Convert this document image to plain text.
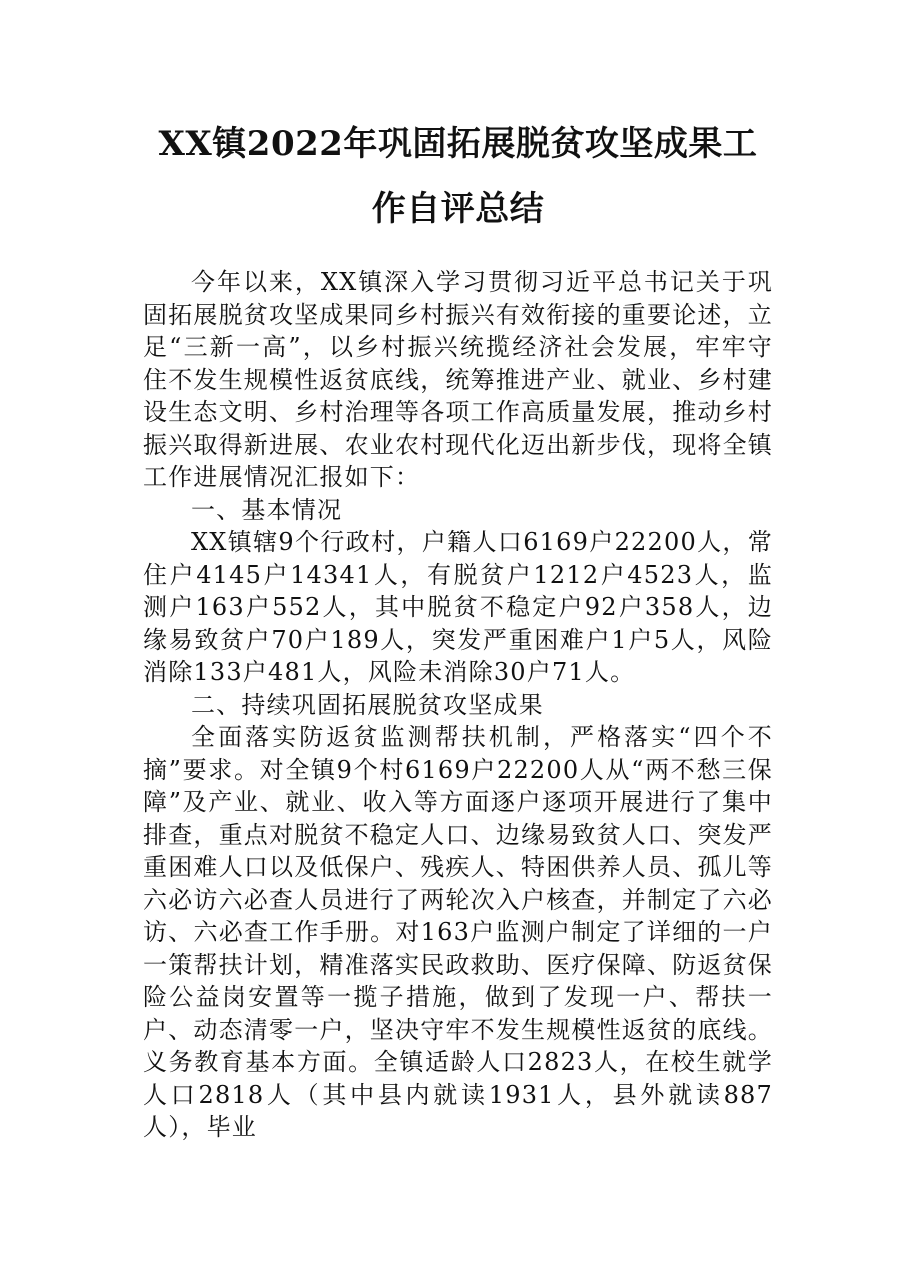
XX镇2022年巩固拓展脱贫攻坚成果工作自评总结

今年以来，XX镇深入学习贯彻习近平总书记关于巩固拓展脱贫攻坚成果同乡村振兴有效衔接的重要论述，立足“三新一高”，以乡村振兴统揽经济社会发展，牢牢守住不发生规模性返贫底线，统筹推进产业、就业、乡村建设生态文明、乡村治理等各项工作高质量发展，推动乡村振兴取得新进展、农业农村现代化迈出新步伐，现将全镇工作进展情况汇报如下：

一、基本情况

XX镇辖9个行政村，户籍人口6169户22200人，常住户4145户14341人，有脱贫户1212户4523人，监测户163户552人，其中脱贫不稳定户92户358人，边缘易致贫户70户189人，突发严重困难户1户5人，风险消除133户481人，风险未消除30户71人。

二、持续巩固拓展脱贫攻坚成果

全面落实防返贫监测帮扶机制，严格落实“四个不摘”要求。对全镇9个村6169户22200人从“两不愁三保障”及产业、就业、收入等方面逐户逐项开展进行了集中排查，重点对脱贫不稳定人口、边缘易致贫人口、突发严重困难人口以及低保户、残疾人、特困供养人员、孤儿等六必访六必查人员进行了两轮次入户核查，并制定了六必访、六必查工作手册。对163户监测户制定了详细的一户一策帮扶计划，精准落实民政救助、医疗保障、防返贫保险公益岗安置等一揽子措施，做到了发现一户、帮扶一户、动态清零一户，坚决守牢不发生规模性返贫的底线。义务教育基本方面。全镇适龄人口2823人，在校生就学人口2818人（其中县内就读1931人，县外就读887人），毕业
